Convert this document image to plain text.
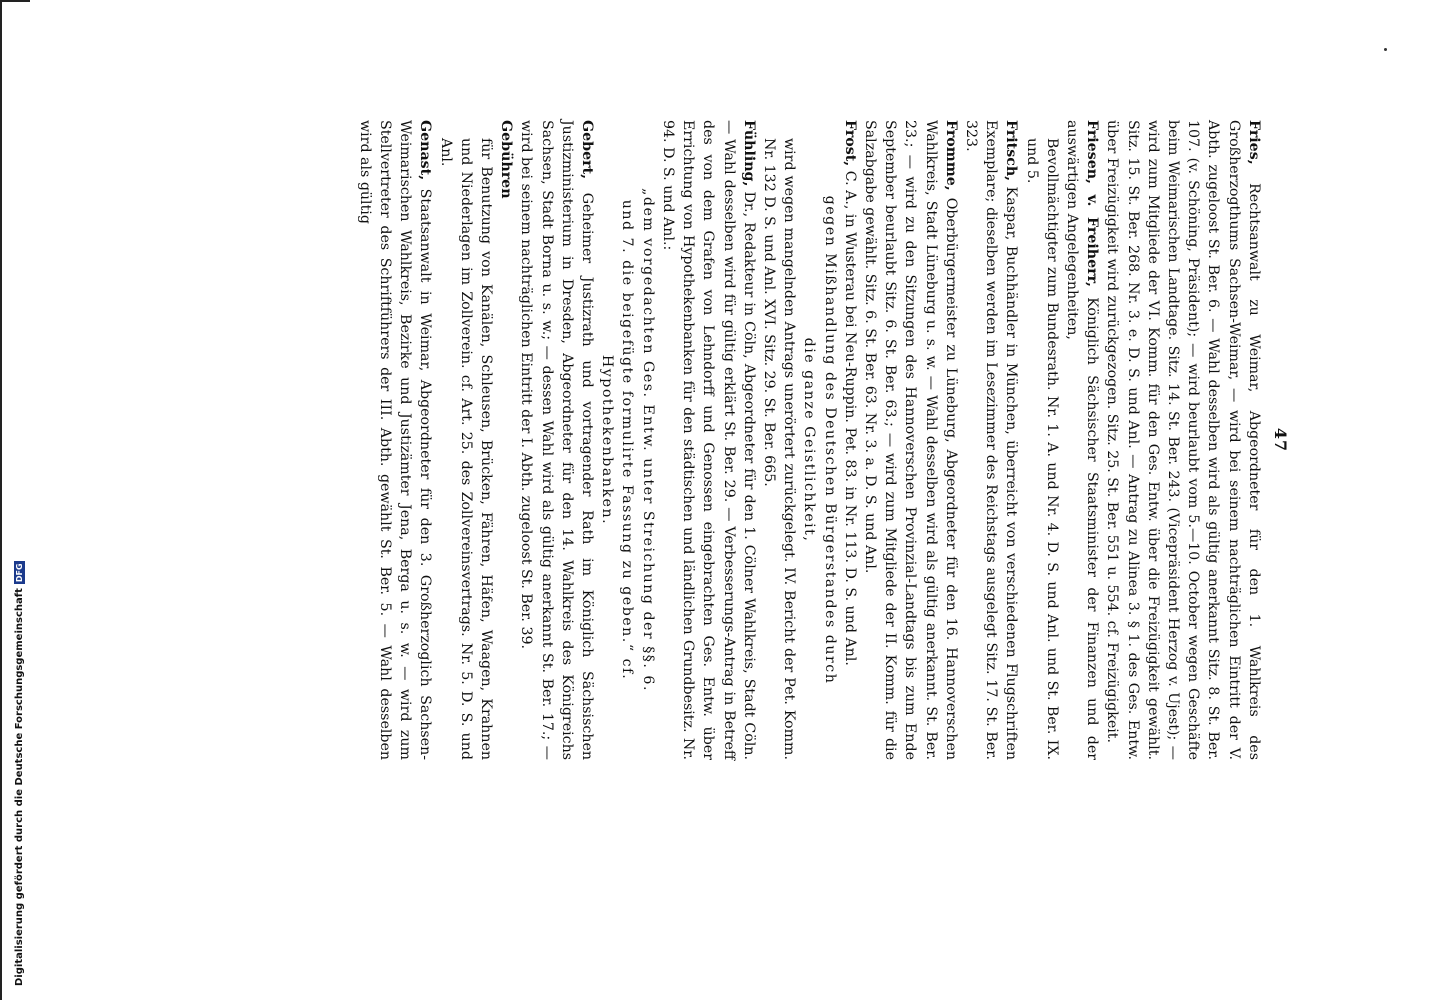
Digitalisierung gefördert durch die Deutsche Forschungsgemeinschaft
DFG
47

Fries, Rechtsanwalt zu Weimar, Abgeordneter für den 1. Wahlkreis des Großherzogthums Sachsen-Weimar, — wird bei seinem nachträglichen Eintritt der V. Abth. zugeloost St. Ber. 6. — Wahl desselben wird als gültig anerkannt Sitz. 8. St. Ber. 107. (v. Schöning, Präsident); — wird beurlaubt vom 5.—10. October wegen Geschäfte beim Weimarischen Landtage. Sitz. 14. St. Ber. 243. (Vicepräsident Herzog v. Ujest); — wird zum Mitgliede der VI. Komm. für den Ges. Entw. über die Freizügigkeit gewählt. Sitz. 15. St. Ber. 268. Nr. 3. e. D. S. und Anl. — Antrag zu Alinea 3. § 1. des Ges. Entw. über Freizügigkeit wird zurückgezogen. Sitz. 25. St. Ber. 551 u. 554. cf. Freizügigkeit.

Friesen, v. Freiherr, Königlich Sächsischer Staatsminister der Finanzen und der auswärtigen Angelegenheiten,

Bevollmächtigter zum Bundesrath. Nr. 1. A. und Nr. 4. D. S. und Anl. und St. Ber. IX. und 5.

Fritsch, Kaspar, Buchhändler in München, überreicht von verschiedenen Flugschriften Exemplare; dieselben werden im Lesezimmer des Reichstags ausgelegt Sitz. 17. St. Ber. 323.

Fromme, Oberbürgermeister zu Lüneburg, Abgeordneter für den 16. Hannoverschen Wahlkreis, Stadt Lüneburg u. s. w. — Wahl desselben wird als gültig anerkannt. St. Ber. 23.; — wird zu den Sitzungen des Hannoverschen Provinzial-Landtags bis zum Ende September beurlaubt Sitz. 6. St. Ber. 63.; — wird zum Mitgliede der II. Komm. für die Salzabgabe gewählt. Sitz. 6. St. Ber. 63. Nr. 3. a. D. S. und Anl.

Frost, C. A., in Wusterau bei Neu-Ruppin. Pet. 83. in Nr. 113. D. S. und Anl.

gegen Mißhandlung des Deutschen Bürgerstandes durch die ganze Geistlichkeit,

wird wegen mangelnden Antrags unerörtert zurückgelegt. IV. Bericht der Pet. Komm. Nr. 132 D. S. und Anl. XVI. Sitz. 29. St. Ber. 665.

Fühling, Dr., Redakteur in Cöln, Abgeordneter für den 1. Cölner Wahlkreis, Stadt Cöln. — Wahl desselben wird für gültig erklärt St. Ber. 29. — Verbesserungs-Antrag in Betreff des von dem Grafen von Lehndorff und Genossen eingebrachten Ges. Entw. über Errichtung von Hypothekenbanken für den städtischen und ländlichen Grundbesitz. Nr. 94. D. S. und Anl.:

„dem vorgedachten Ges. Entw. unter Streichung der §§. 6. und 7. die beigefügte formulirte Fassung zu geben.“ cf. Hypothekenbanken.

Gebert, Geheimer Justizrath und vortragender Rath im Königlich Sächsischen Justizministerium in Dresden, Abgeordneter für den 14. Wahlkreis des Königreichs Sachsen, Stadt Borna u. s. w.; — dessen Wahl wird als gültig anerkannt St. Ber. 17.; — wird bei seinem nachträglichen Eintritt der I. Abth. zugeloost St. Ber. 39.

Gebühren

für Benutzung von Kanälen, Schleusen, Brücken, Fähren, Häfen, Waagen, Krahnen und Niederlagen im Zollverein. cf. Art. 25. des Zollvereinsvertrags. Nr. 5. D. S. und Anl.

Genast, Staatsanwalt in Weimar, Abgeordneter für den 3. Großherzoglich Sachsen-Weimarischen Wahlkreis, Bezirke und Justizämter Jena, Berga u. s. w. — wird zum Stellvertreter des Schriftführers der III. Abth. gewählt St. Ber. 5. — Wahl desselben wird als gültig
